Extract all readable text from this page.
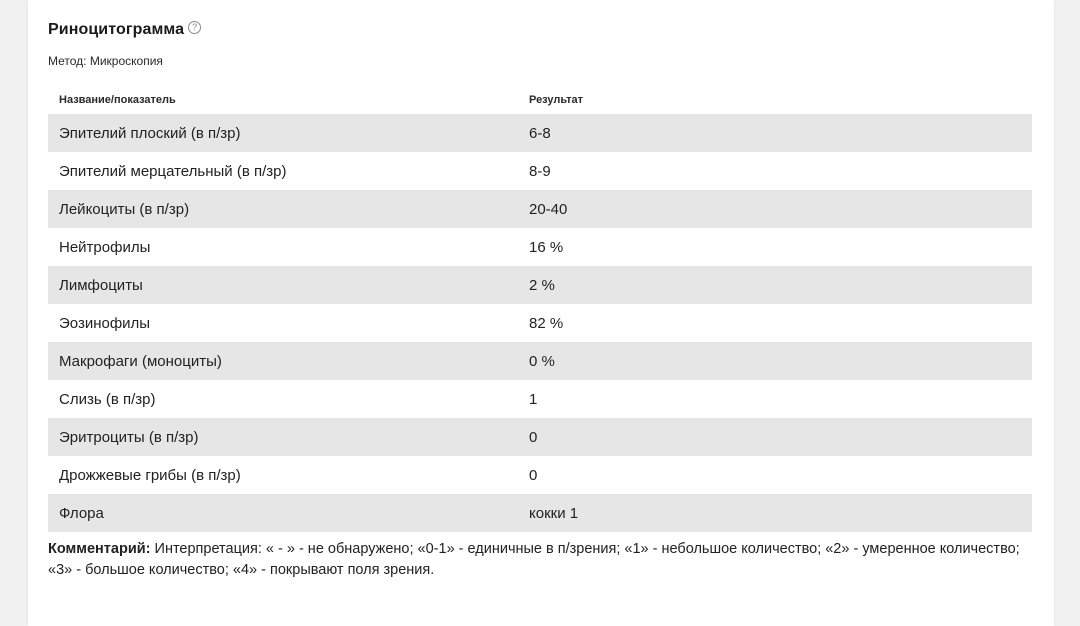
Риноцитограмма ?
Метод: Микроскопия
Название/показатель	Результат
Эпителий плоский (в п/зр)	6-8
Эпителий мерцательный (в п/зр)	8-9
Лейкоциты (в п/зр)	20-40
Нейтрофилы	16 %
Лимфоциты	2 %
Эозинофилы	82 %
Макрофаги (моноциты)	0 %
Слизь (в п/зр)	1
Эритроциты (в п/зр)	0
Дрожжевые грибы (в п/зр)	0
Флора	кокки 1
Комментарий: Интерпретация: « - » - не обнаружено; «0-1» - единичные в п/зрения; «1» - небольшое количество; «2» - умеренное количество; «3» - большое количество; «4» - покрывают поля зрения.
